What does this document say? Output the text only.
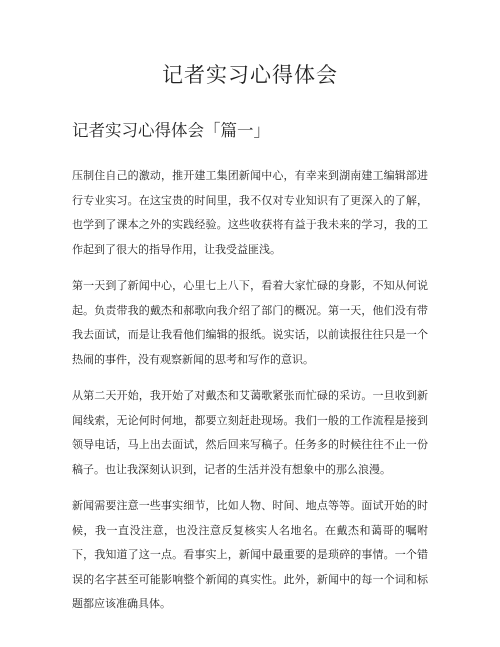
记者实习心得体会
记者实习心得体会「篇一」

压制住自己的激动，推开建工集团新闻中心，有幸来到湖南建工编辑部进行专业实习。在这宝贵的时间里，我不仅对专业知识有了更深入的了解，也学到了课本之外的实践经验。这些收获将有益于我未来的学习，我的工作起到了很大的指导作用，让我受益匪浅。

第一天到了新闻中心，心里七上八下，看着大家忙碌的身影，不知从何说起。负责带我的戴杰和郝歌向我介绍了部门的概况。第一天，他们没有带我去面试，而是让我看他们编辑的报纸。说实话，以前读报往往只是一个热闹的事件，没有观察新闻的思考和写作的意识。

从第二天开始，我开始了对戴杰和艾蔼歌紧张而忙碌的采访。一旦收到新闻线索，无论何时何地，都要立刻赶赴现场。我们一般的工作流程是接到领导电话，马上出去面试，然后回来写稿子。任务多的时候往往不止一份稿子。也让我深刻认识到，记者的生活并没有想象中的那么浪漫。

新闻需要注意一些事实细节，比如人物、时间、地点等等。面试开始的时候，我一直没注意，也没注意反复核实人名地名。在戴杰和蔼哥的嘱咐下，我知道了这一点。看事实上，新闻中最重要的是琐碎的事情。一个错误的名字甚至可能影响整个新闻的真实性。此外，新闻中的每一个词和标题都应该准确具体。
